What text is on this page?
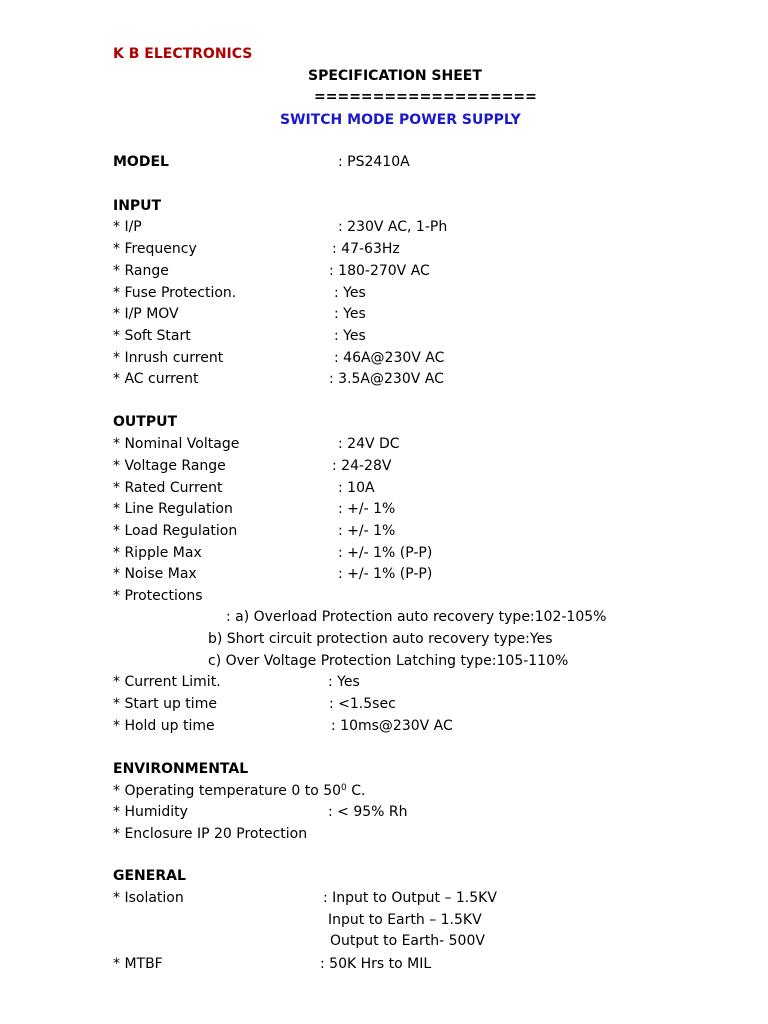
K B ELECTRONICS
SPECIFICATION SHEET
===================
SWITCH MODE POWER SUPPLY
MODEL	: PS2410A
INPUT
* I/P	: 230V AC, 1-Ph
* Frequency	: 47-63Hz
* Range	: 180-270V AC
* Fuse Protection.	: Yes
* I/P MOV	: Yes
* Soft Start	: Yes
* Inrush current	: 46A@230V AC
* AC current	: 3.5A@230V AC
OUTPUT
* Nominal Voltage	: 24V DC
* Voltage Range	: 24-28V
* Rated Current	: 10A
* Line Regulation	: +/- 1%
* Load Regulation	: +/- 1%
* Ripple Max	: +/- 1% (P-P)
* Noise Max	: +/- 1% (P-P)
* Protections
: a) Overload Protection auto recovery type:102-105%
b) Short circuit protection auto recovery type:Yes
c) Over Voltage Protection Latching type:105-110%
* Current Limit.	: Yes
* Start up time	: <1.5sec
* Hold up time	: 10ms@230V AC
ENVIRONMENTAL
* Operating temperature 0 to $50^0$ C.
* Humidity	: < 95% Rh
* Enclosure IP 20 Protection
GENERAL
* Isolation	: Input to Output – 1.5KV
Input to Earth – 1.5KV
Output to Earth- 500V
* MTBF	: 50K Hrs to MIL
